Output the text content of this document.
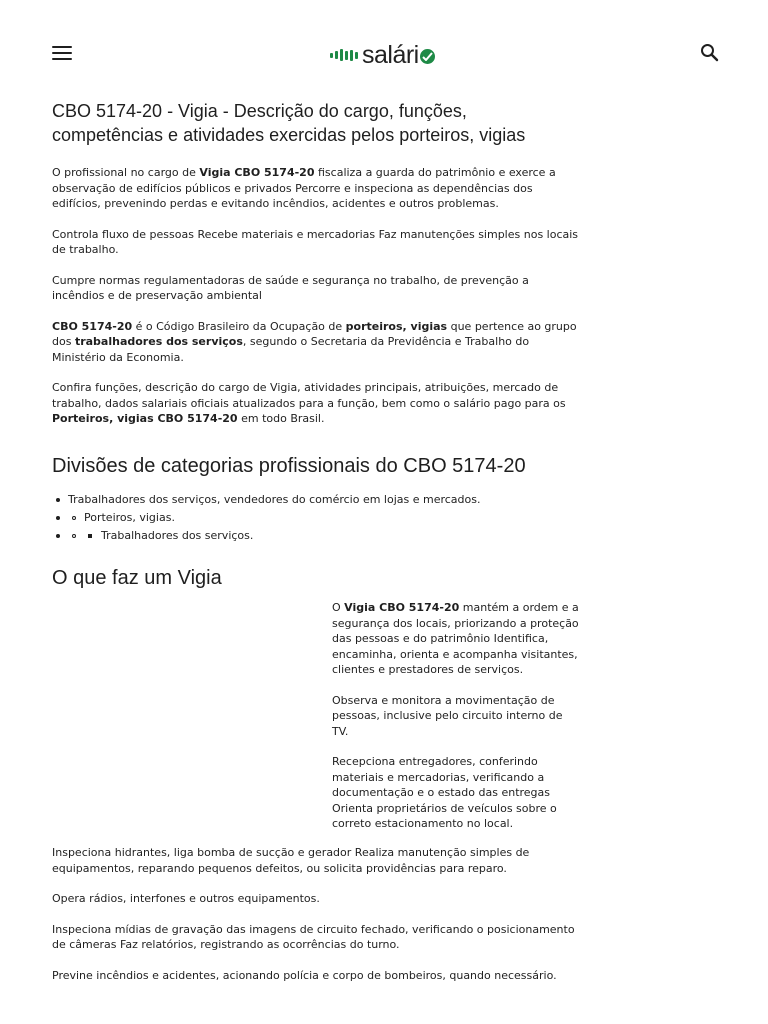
salári
CBO 5174-20 - Vigia - Descrição do cargo, funções, competências e atividades exercidas pelos porteiros, vigias

O profissional no cargo de Vigia CBO 5174-20 fiscaliza a guarda do patrimônio e exerce a observação de edifícios públicos e privados Percorre e inspeciona as dependências dos edifícios, prevenindo perdas e evitando incêndios, acidentes e outros problemas.

Controla fluxo de pessoas Recebe materiais e mercadorias Faz manutenções simples nos locais de trabalho.

Cumpre normas regulamentadoras de saúde e segurança no trabalho, de prevenção a incêndios e de preservação ambiental

CBO 5174-20 é o Código Brasileiro da Ocupação de porteiros, vigias que pertence ao grupo dos trabalhadores dos serviços, segundo o Secretaria da Previdência e Trabalho do Ministério da Economia.

Confira funções, descrição do cargo de Vigia, atividades principais, atribuições, mercado de trabalho, dados salariais oficiais atualizados para a função, bem como o salário pago para os Porteiros, vigias CBO 5174-20 em todo Brasil.

Divisões de categorias profissionais do CBO 5174-20
Trabalhadores dos serviços, vendedores do comércio em lojas e mercados.
Porteiros, vigias.
Trabalhadores dos serviços.
O que faz um Vigia

O Vigia CBO 5174-20 mantém a ordem e a segurança dos locais, priorizando a proteção das pessoas e do patrimônio Identifica, encaminha, orienta e acompanha visitantes, clientes e prestadores de serviços.

Observa e monitora a movimentação de pessoas, inclusive pelo circuito interno de TV.

Recepciona entregadores, conferindo materiais e mercadorias, verificando a documentação e o estado das entregas Orienta proprietários de veículos sobre o correto estacionamento no local.

Inspeciona hidrantes, liga bomba de sucção e gerador Realiza manutenção simples de equipamentos, reparando pequenos defeitos, ou solicita providências para reparo.

Opera rádios, interfones e outros equipamentos.

Inspeciona mídias de gravação das imagens de circuito fechado, verificando o posicionamento de câmeras Faz relatórios, registrando as ocorrências do turno.

Previne incêndios e acidentes, acionando polícia e corpo de bombeiros, quando necessário.
